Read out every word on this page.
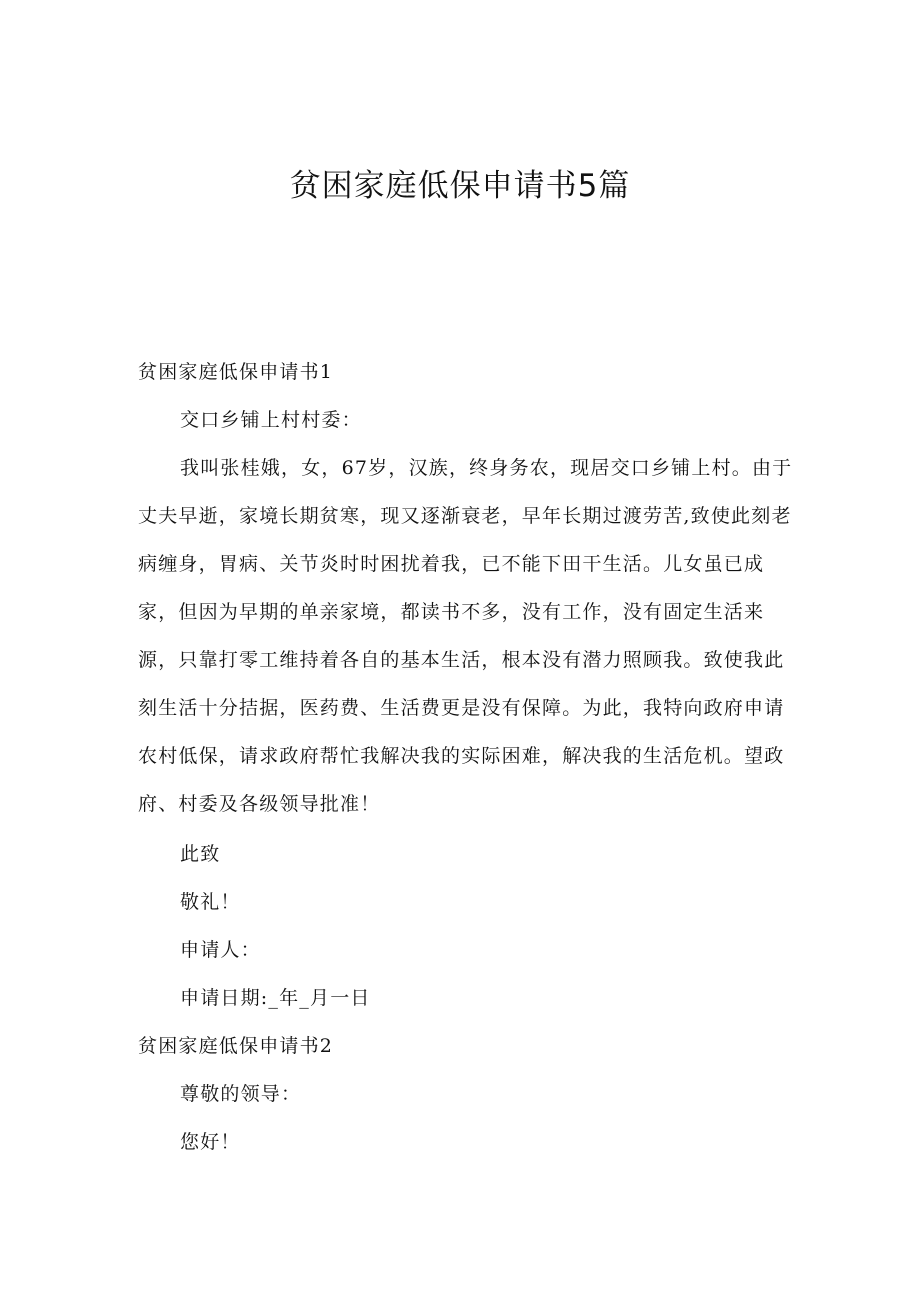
贫困家庭低保申请书5篇
贫困家庭低保申请书1
交口乡铺上村村委：
我叫张桂娥，女，67岁，汉族，终身务农，现居交口乡铺上村。由于
丈夫早逝，家境长期贫寒，现又逐渐衰老，早年长期过渡劳苦,致使此刻老
病缠身，胃病、关节炎时时困扰着我，已不能下田干生活。儿女虽已成
家，但因为早期的单亲家境，都读书不多，没有工作，没有固定生活来
源，只靠打零工维持着各自的基本生活，根本没有潜力照顾我。致使我此
刻生活十分拮据，医药费、生活费更是没有保障。为此，我特向政府申请
农村低保，请求政府帮忙我解决我的实际困难，解决我的生活危机。望政
府、村委及各级领导批准！
此致
敬礼！
申请人：
申请日期:_年_月一日
贫困家庭低保申请书2
尊敬的领导：
您好！
